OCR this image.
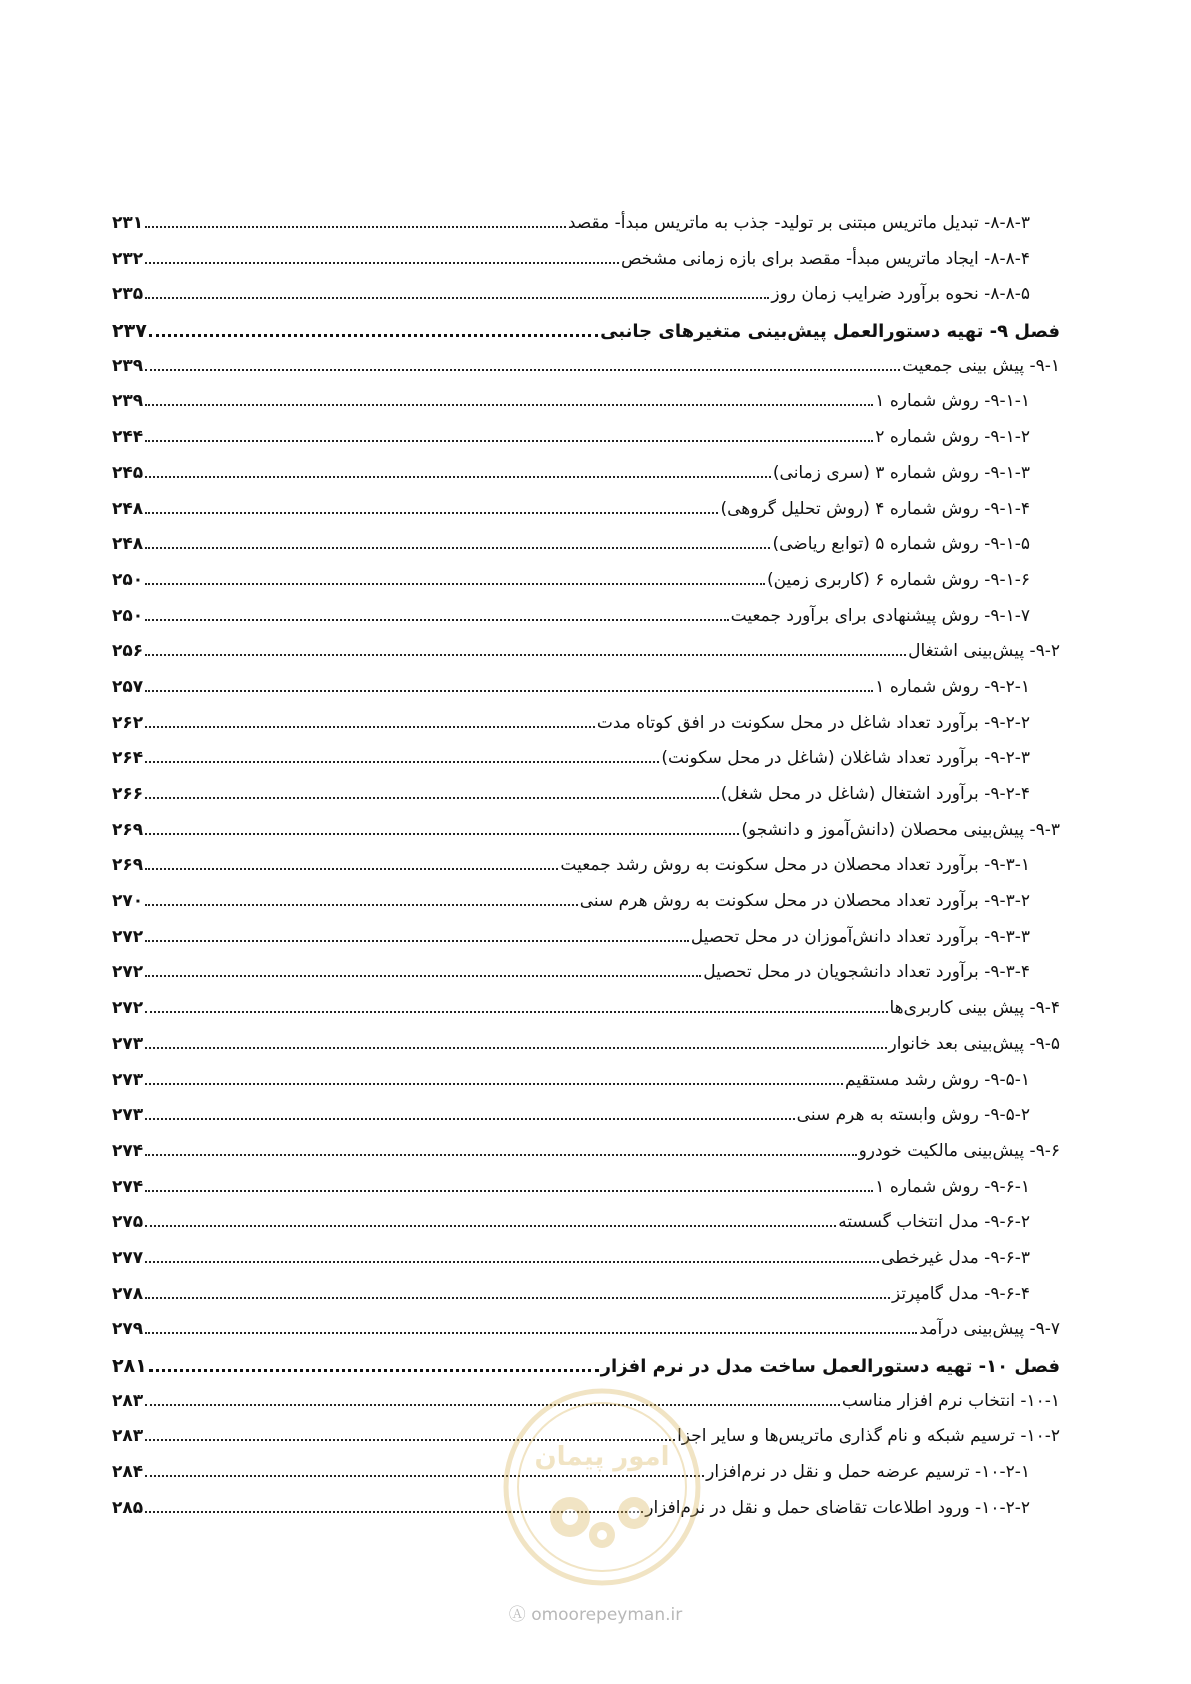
۸-۸-۳- تبدیل ماتریس مبتنی بر تولید- جذب به ماتریس مبدأ- مقصد
۲۳۱
۸-۸-۴- ایجاد ماتریس مبدأ- مقصد برای بازه زمانی مشخص
۲۳۲
۸-۸-۵- نحوه برآورد ضرایب زمان روز
۲۳۵
فصل ۹- تهیه دستورالعمل پیش‌بینی متغیرهای جانبی
۲۳۷
۹-۱- پیش بینی جمعیت
۲۳۹
۹-۱-۱- روش شماره ۱
۲۳۹
۹-۱-۲- روش شماره ۲
۲۴۴
۹-۱-۳- روش شماره ۳ (سری زمانی)
۲۴۵
۹-۱-۴- روش شماره ۴ (روش تحلیل گروهی)
۲۴۸
۹-۱-۵- روش شماره ۵ (توابع ریاضی)
۲۴۸
۹-۱-۶- روش شماره ۶ (کاربری زمین)
۲۵۰
۹-۱-۷- روش پیشنهادی برای برآورد جمعیت
۲۵۰
۹-۲- پیش‌بینی اشتغال
۲۵۶
۹-۲-۱- روش شماره ۱
۲۵۷
۹-۲-۲- برآورد تعداد شاغل در محل سکونت در افق کوتاه مدت
۲۶۲
۹-۲-۳- برآورد تعداد شاغلان (شاغل در محل سکونت)
۲۶۴
۹-۲-۴- برآورد اشتغال (شاغل در محل شغل)
۲۶۶
۹-۳- پیش‌بینی محصلان (دانش‌آموز و دانشجو)
۲۶۹
۹-۳-۱- برآورد تعداد محصلان در محل سکونت به روش رشد جمعیت
۲۶۹
۹-۳-۲- برآورد تعداد محصلان در محل سکونت به روش هرم سنی
۲۷۰
۹-۳-۳- برآورد تعداد دانش‌آموزان در محل تحصیل
۲۷۲
۹-۳-۴- برآورد تعداد دانشجویان در محل تحصیل
۲۷۲
۹-۴- پیش بینی کاربری‌ها
۲۷۲
۹-۵- پیش‌بینی بعد خانوار
۲۷۳
۹-۵-۱- روش رشد مستقیم
۲۷۳
۹-۵-۲- روش وابسته به هرم سنی
۲۷۳
۹-۶- پیش‌بینی مالکیت خودرو
۲۷۴
۹-۶-۱- روش شماره ۱
۲۷۴
۹-۶-۲- مدل انتخاب گسسته
۲۷۵
۹-۶-۳- مدل غیرخطی
۲۷۷
۹-۶-۴- مدل گامپرتز
۲۷۸
۹-۷- پیش‌بینی درآمد
۲۷۹
فصل ۱۰- تهیه دستورالعمل ساخت مدل در نرم افزار
۲۸۱
۱۰-۱- انتخاب نرم افزار مناسب
۲۸۳
۱۰-۲- ترسیم شبکه و نام گذاری ماتریس‌ها و سایر اجزا
۲۸۳
۱۰-۲-۱- ترسیم عرضه حمل و نقل در نرم‌افزار
۲۸۴
۱۰-۲-۲- ورود اطلاعات تقاضای حمل و نقل در نرم‌افزار
۲۸۵
امور پیمان
Ⓐ omoorepeyman.ir
